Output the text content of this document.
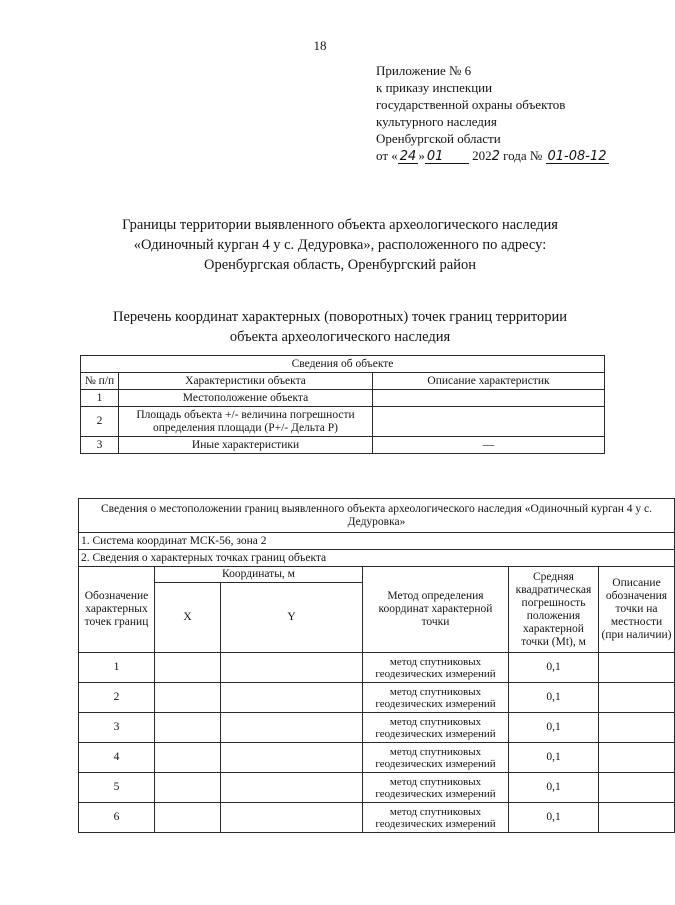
18
Приложение № 6
к приказу инспекции
государственной охраны объектов
культурного наследия
Оренбургской области
от « 24 » 01 2022 года № 01-08-12
Границы территории выявленного объекта археологического наследия
«Одиночный курган 4 у с. Дедуровка», расположенного по адресу:
Оренбургская область, Оренбургский район
Перечень координат характерных (поворотных) точек границ территории
объекта археологического наследия
Сведения об объекте		
№ п/п	Характеристики объекта	Описание характеристик
1	Местоположение объекта	
2	Площадь объекта +/- величина погрешности определения площади (Р+/- Дельта Р)	
3	Иные характеристики	—
Сведения о местоположении границ выявленного объекта археологического наследия «Одиночный курган 4 у с. Дедуровка»					
1. Система координат МСК-56, зона 2					
2. Сведения о характерных точках границ объекта					
Обозначение характерных точек границ	Координаты, м		Метод определения координат характерной точки	Средняя квадратическая погрешность положения характерной точки (Mt), м	Описание обозначения точки на местности (при наличии)
	X	Y			
1			метод спутниковых геодезических измерений	0,1	
2			метод спутниковых геодезических измерений	0,1	
3			метод спутниковых геодезических измерений	0,1	
4			метод спутниковых геодезических измерений	0,1	
5			метод спутниковых геодезических измерений	0,1	
6			метод спутниковых геодезических измерений	0,1	
